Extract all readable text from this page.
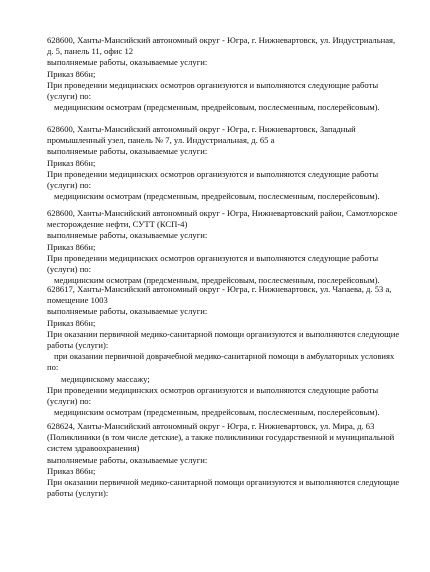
628600, Ханты-Мансийский автономный округ - Югра, г. Нижневартовск, ул. Индустриальная,
д. 5, панель 11, офис 12
выполняемые работы, оказываемые услуги:
Приказ 866н;
При проведении медицинских осмотров организуются и выполняются следующие работы
(услуги) по:
медицинским осмотрам (предсменным, предрейсовым, послесменным, послерейсовым).
628600, Ханты-Мансийский автономный округ - Югра, г. Нижневартовск, Западный
промышленный узел, панель № 7, ул. Индустриальная, д. 65 а
выполняемые работы, оказываемые услуги:
Приказ 866н;
При проведении медицинских осмотров организуются и выполняются следующие работы
(услуги) по:
медицинским осмотрам (предсменным, предрейсовым, послесменным, послерейсовым).
628600, Ханты-Мансийский автономный округ - Югра, Нижневартовский район, Самотлорское
месторождение нефти, СУТТ (КСП-4)
выполняемые работы, оказываемые услуги:
Приказ 866н;
При проведении медицинских осмотров организуются и выполняются следующие работы
(услуги) по:
медицинским осмотрам (предсменным, предрейсовым, послесменным, послерейсовым).
628617, Ханты-Мансийский автономный округ - Югра, г. Нижневартовск, ул. Чапаева, д. 53 а,
помещение 1003
выполняемые работы, оказываемые услуги:
Приказ 866н;
При оказании первичной медико-санитарной помощи организуются и выполняются следующие
работы (услуги):
при оказании первичной доврачебной медико-санитарной помощи в амбулаторных условиях
по:
медицинскому массажу;
При проведении медицинских осмотров организуются и выполняются следующие работы
(услуги) по:
медицинским осмотрам (предсменным, предрейсовым, послесменным, послерейсовым).
628624, Ханты-Мансийский автономный округ - Югра, г. Нижневартовск, ул. Мира, д. 63
(Поликлиники (в том числе детские), а также поликлиники государственной и муниципальной
систем здравоохранения)
выполняемые работы, оказываемые услуги:
Приказ 866н;
При оказании первичной медико-санитарной помощи организуются и выполняются следующие
работы (услуги):
